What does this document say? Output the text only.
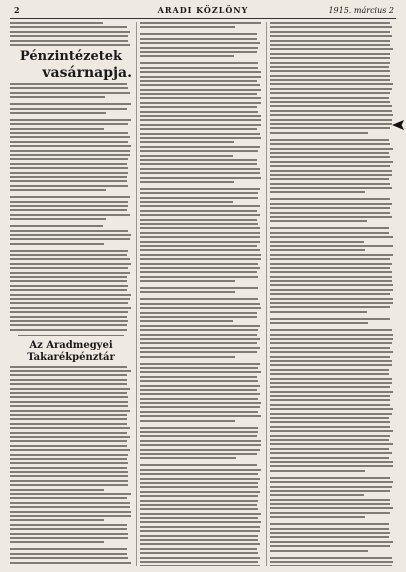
2	ARADI KÖZLÖNY	1915. március 2
Pénzintézetek
vasárnapja.
Az Aradmegyei Takarékpénztár
